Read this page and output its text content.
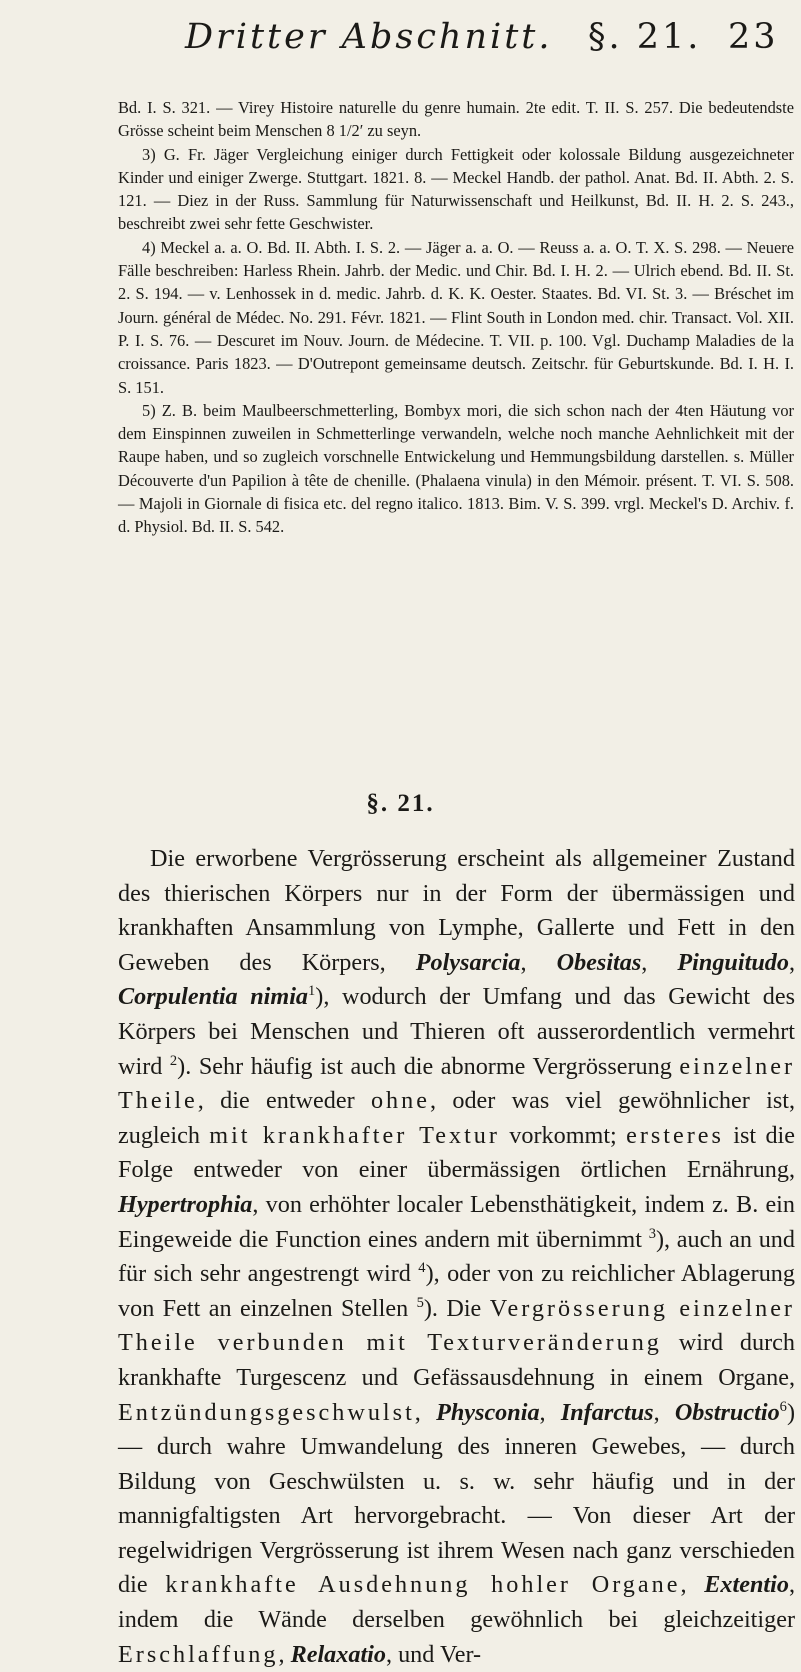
Dritter Abschnitt. §. 21. 23

Bd. I. S. 321. — Virey Histoire naturelle du genre humain. 2te edit. T. II. S. 257. Die bedeutendste Grösse scheint beim Menschen 8 1/2′ zu seyn.

3) G. Fr. Jäger Vergleichung einiger durch Fettigkeit oder kolossale Bildung ausgezeichneter Kinder und einiger Zwerge. Stuttgart. 1821. 8. — Meckel Handb. der pathol. Anat. Bd. II. Abth. 2. S. 121. — Diez in der Russ. Sammlung für Naturwissenschaft und Heilkunst, Bd. II. H. 2. S. 243., beschreibt zwei sehr fette Geschwister.

4) Meckel a. a. O. Bd. II. Abth. I. S. 2. — Jäger a. a. O. — Reuss a. a. O. T. X. S. 298. — Neuere Fälle beschreiben: Harless Rhein. Jahrb. der Medic. und Chir. Bd. I. H. 2. — Ulrich ebend. Bd. II. St. 2. S. 194. — v. Lenhossek in d. medic. Jahrb. d. K. K. Oester. Staates. Bd. VI. St. 3. — Bréschet im Journ. général de Médec. No. 291. Févr. 1821. — Flint South in London med. chir. Transact. Vol. XII. P. I. S. 76. — Descuret im Nouv. Journ. de Médecine. T. VII. p. 100. Vgl. Duchamp Maladies de la croissance. Paris 1823. — D'Outrepont gemeinsame deutsch. Zeitschr. für Geburtskunde. Bd. I. H. I. S. 151.

5) Z. B. beim Maulbeerschmetterling, Bombyx mori, die sich schon nach der 4ten Häutung vor dem Einspinnen zuweilen in Schmetterlinge verwandeln, welche noch manche Aehnlichkeit mit der Raupe haben, und so zugleich vorschnelle Entwickelung und Hemmungsbildung darstellen. s. Müller Découverte d'un Papilion à tête de chenille. (Phalaena vinula) in den Mémoir. présent. T. VI. S. 508. — Majoli in Giornale di fisica etc. del regno italico. 1813. Bim. V. S. 399. vrgl. Meckel's D. Archiv. f. d. Physiol. Bd. II. S. 542.

§. 21.

Die erworbene Vergrösserung erscheint als allgemeiner Zustand des thierischen Körpers nur in der Form der übermässigen und krankhaften Ansammlung von Lymphe, Gallerte und Fett in den Geweben des Körpers, Polysarcia, Obesitas, Pinguitudo, Corpulentia nimia$^1$), wodurch der Umfang und das Gewicht des Körpers bei Menschen und Thieren oft ausserordentlich vermehrt wird $^2$). Sehr häufig ist auch die abnorme Vergrösserung einzelner Theile, die entweder ohne, oder was viel gewöhnlicher ist, zugleich mit krankhafter Textur vorkommt; ersteres ist die Folge entweder von einer übermässigen örtlichen Ernährung, Hypertrophia, von erhöhter localer Lebensthätigkeit, indem z. B. ein Eingeweide die Function eines andern mit übernimmt $^3$), auch an und für sich sehr angestrengt wird $^4$), oder von zu reichlicher Ablagerung von Fett an einzelnen Stellen $^5$). Die Vergrösserung einzelner Theile verbunden mit Texturveränderung wird durch krankhafte Turgescenz und Gefässausdehnung in einem Organe, Entzündungsgeschwulst, Physconia, Infarctus, Obstructio$^6$) — durch wahre Umwandelung des inneren Gewebes, — durch Bildung von Geschwülsten u. s. w. sehr häufig und in der mannigfaltigsten Art hervorgebracht. — Von dieser Art der regelwidrigen Vergrösserung ist ihrem Wesen nach ganz verschieden die krankhafte Ausdehnung hohler Organe, Extentio, indem die Wände derselben gewöhnlich bei gleichzeitiger Erschlaffung, Relaxatio, und Ver-
